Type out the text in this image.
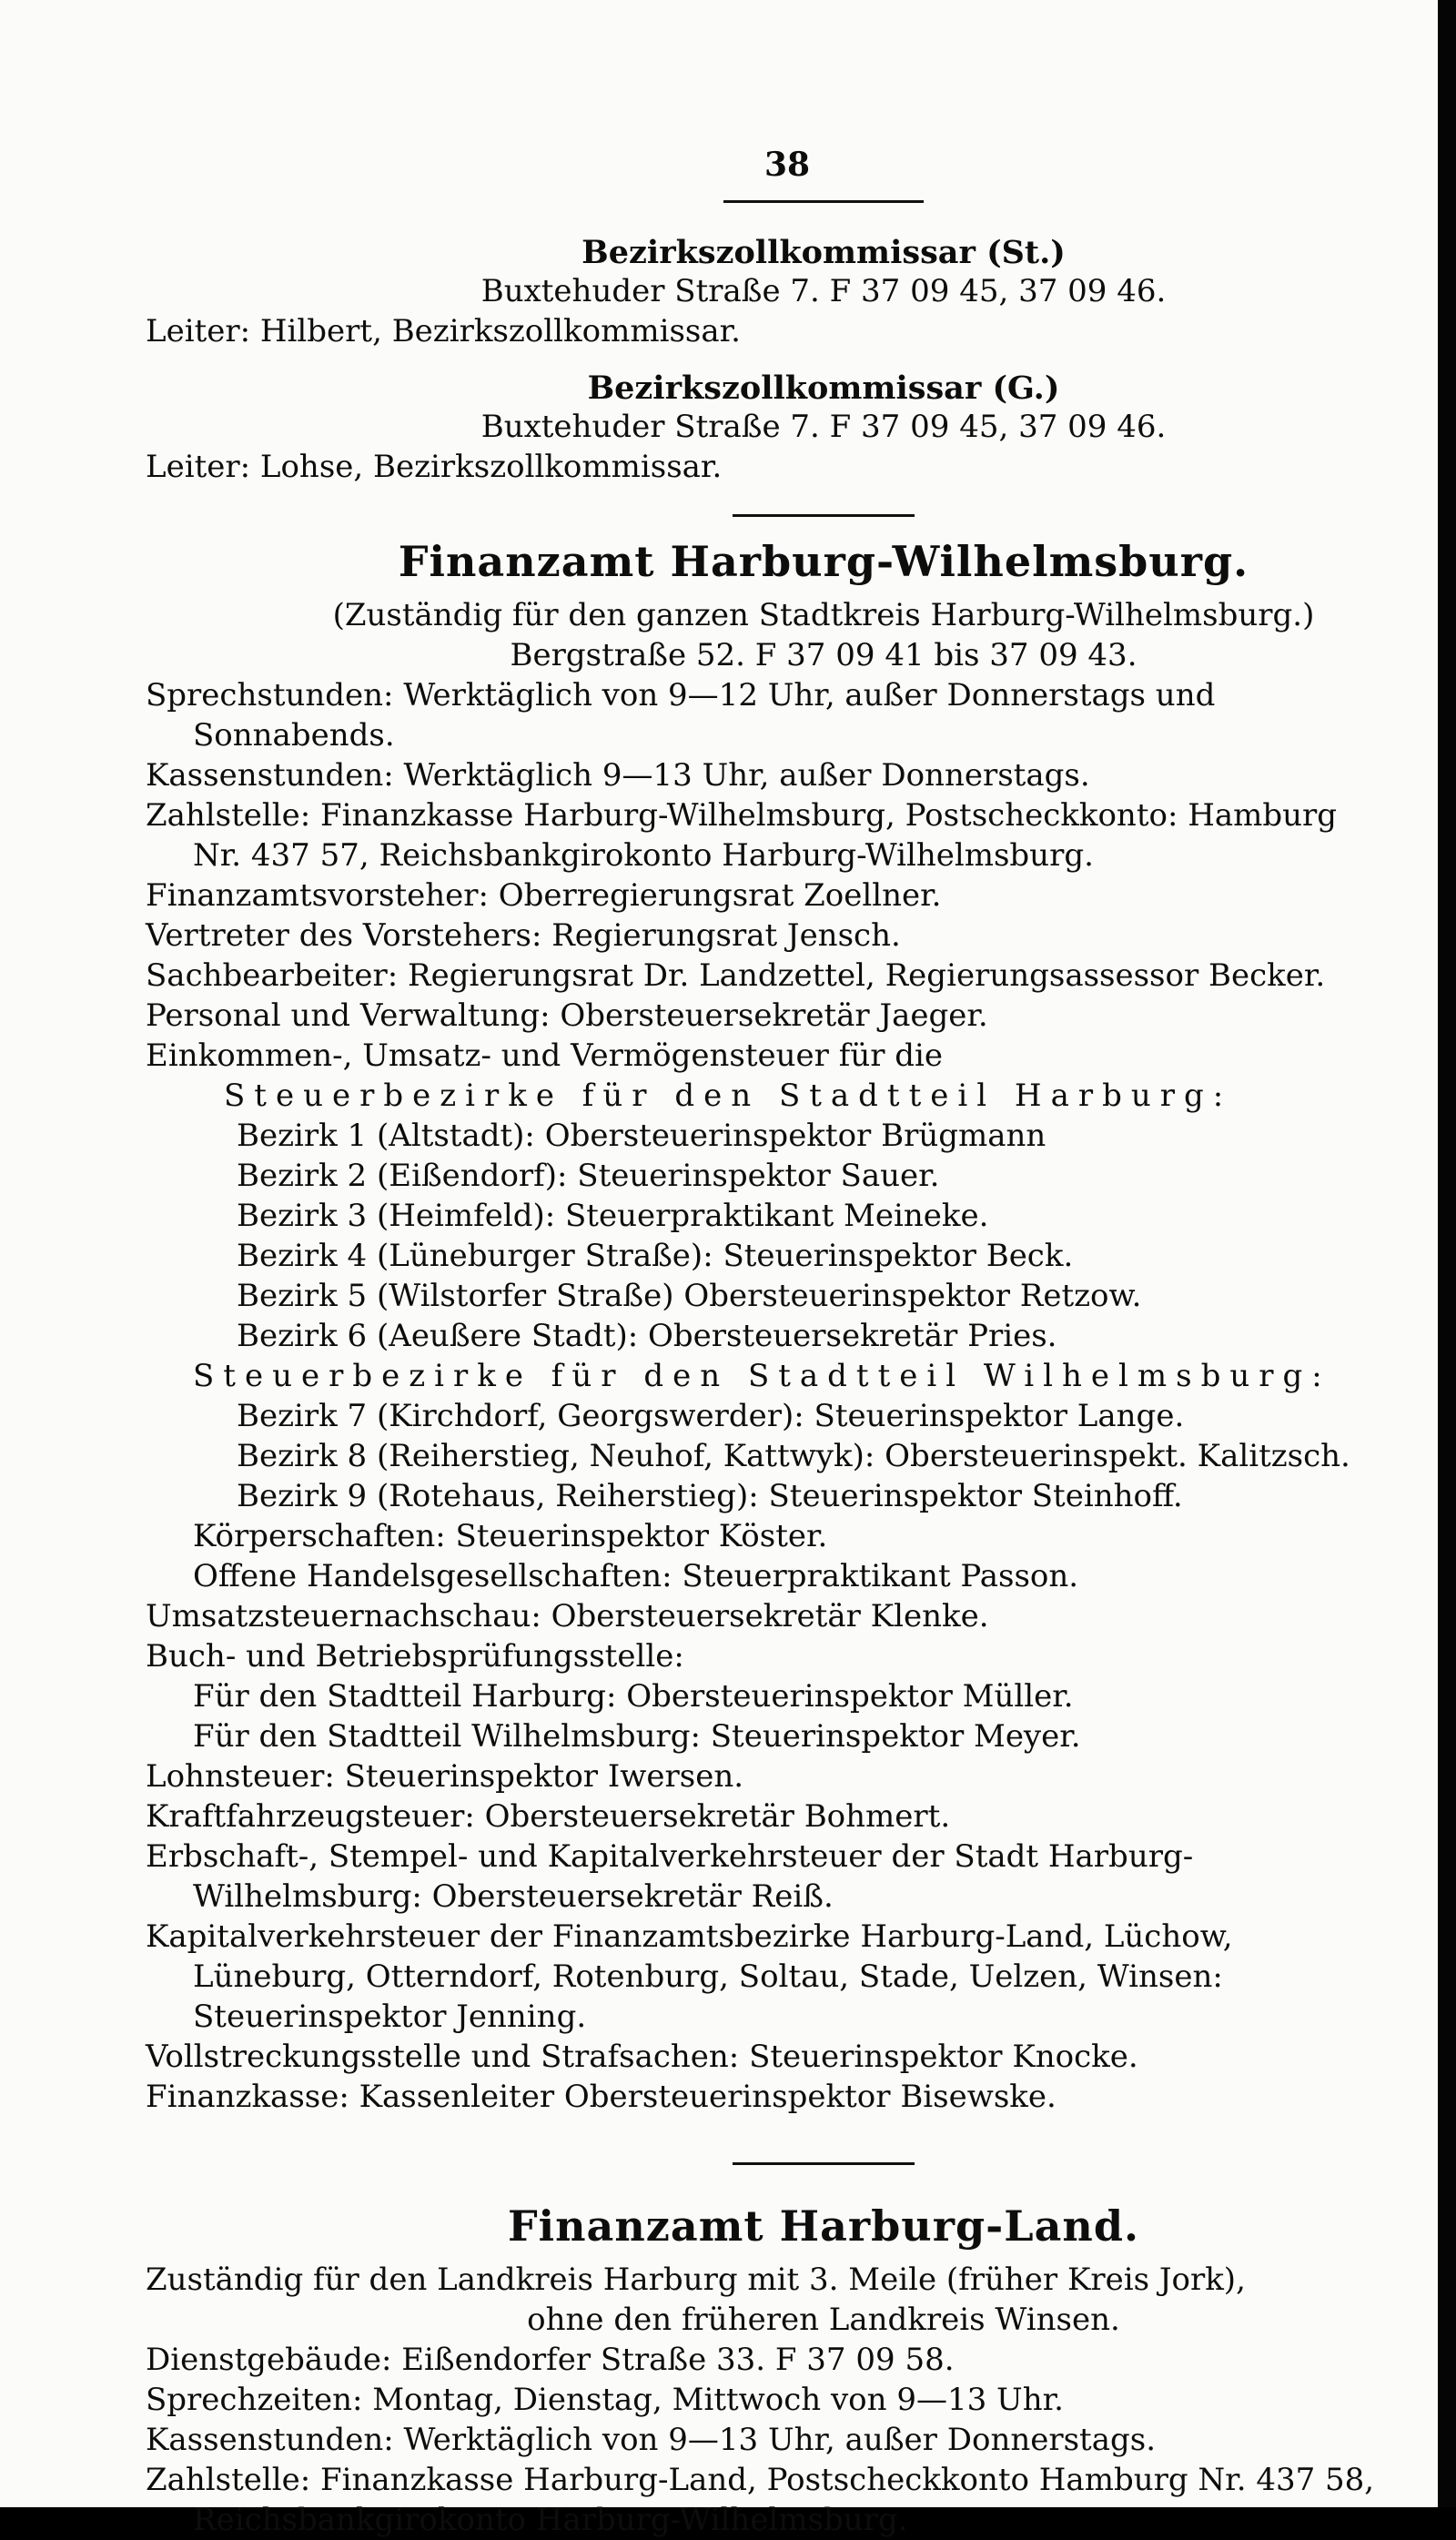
38
Bezirkszollkommissar (St.)
Buxtehuder Straße 7. F 37 09 45, 37 09 46.
Leiter: Hilbert, Bezirkszollkommissar.
Bezirkszollkommissar (G.)
Buxtehuder Straße 7. F 37 09 45, 37 09 46.
Leiter: Lohse, Bezirkszollkommissar.
Finanzamt Harburg-Wilhelmsburg.
(Zuständig für den ganzen Stadtkreis Harburg-Wilhelmsburg.)
Bergstraße 52. F 37 09 41 bis 37 09 43.
Sprechstunden: Werktäglich von 9—12 Uhr, außer Donnerstags und
Sonnabends.
Kassenstunden: Werktäglich 9—13 Uhr, außer Donnerstags.
Zahlstelle: Finanzkasse Harburg-Wilhelmsburg, Postscheckkonto: Hamburg
Nr. 437 57, Reichsbankgirokonto Harburg-Wilhelmsburg.
Finanzamtsvorsteher: Oberregierungsrat Zoellner.
Vertreter des Vorstehers: Regierungsrat Jensch.
Sachbearbeiter: Regierungsrat Dr. Landzettel, Regierungsassessor Becker.
Personal und Verwaltung: Obersteuersekretär Jaeger.
Einkommen-, Umsatz- und Vermögensteuer für die
Steuerbezirke für den Stadtteil Harburg:
Bezirk 1 (Altstadt): Obersteuerinspektor Brügmann
Bezirk 2 (Eißendorf): Steuerinspektor Sauer.
Bezirk 3 (Heimfeld): Steuerpraktikant Meineke.
Bezirk 4 (Lüneburger Straße): Steuerinspektor Beck.
Bezirk 5 (Wilstorfer Straße) Obersteuerinspektor Retzow.
Bezirk 6 (Aeußere Stadt): Obersteuersekretär Pries.
Steuerbezirke für den Stadtteil Wilhelmsburg:
Bezirk 7 (Kirchdorf, Georgswerder): Steuerinspektor Lange.
Bezirk 8 (Reiherstieg, Neuhof, Kattwyk): Obersteuerinspekt. Kalitzsch.
Bezirk 9 (Rotehaus, Reiherstieg): Steuerinspektor Steinhoff.
Körperschaften: Steuerinspektor Köster.
Offene Handelsgesellschaften: Steuerpraktikant Passon.
Umsatzsteuernachschau: Obersteuersekretär Klenke.
Buch- und Betriebsprüfungsstelle:
Für den Stadtteil Harburg: Obersteuerinspektor Müller.
Für den Stadtteil Wilhelmsburg: Steuerinspektor Meyer.
Lohnsteuer: Steuerinspektor Iwersen.
Kraftfahrzeugsteuer: Obersteuersekretär Bohmert.
Erbschaft-, Stempel- und Kapitalverkehrsteuer der Stadt Harburg-
Wilhelmsburg: Obersteuersekretär Reiß.
Kapitalverkehrsteuer der Finanzamtsbezirke Harburg-Land, Lüchow,
Lüneburg, Otterndorf, Rotenburg, Soltau, Stade, Uelzen, Winsen:
Steuerinspektor Jenning.
Vollstreckungsstelle und Strafsachen: Steuerinspektor Knocke.
Finanzkasse: Kassenleiter Obersteuerinspektor Bisewske.
Finanzamt Harburg-Land.
Zuständig für den Landkreis Harburg mit 3. Meile (früher Kreis Jork),
ohne den früheren Landkreis Winsen.
Dienstgebäude: Eißendorfer Straße 33. F 37 09 58.
Sprechzeiten: Montag, Dienstag, Mittwoch von 9—13 Uhr.
Kassenstunden: Werktäglich von 9—13 Uhr, außer Donnerstags.
Zahlstelle: Finanzkasse Harburg-Land, Postscheckkonto Hamburg Nr. 437 58,
Reichsbankgirokonto Harburg-Wilhelmsburg.
